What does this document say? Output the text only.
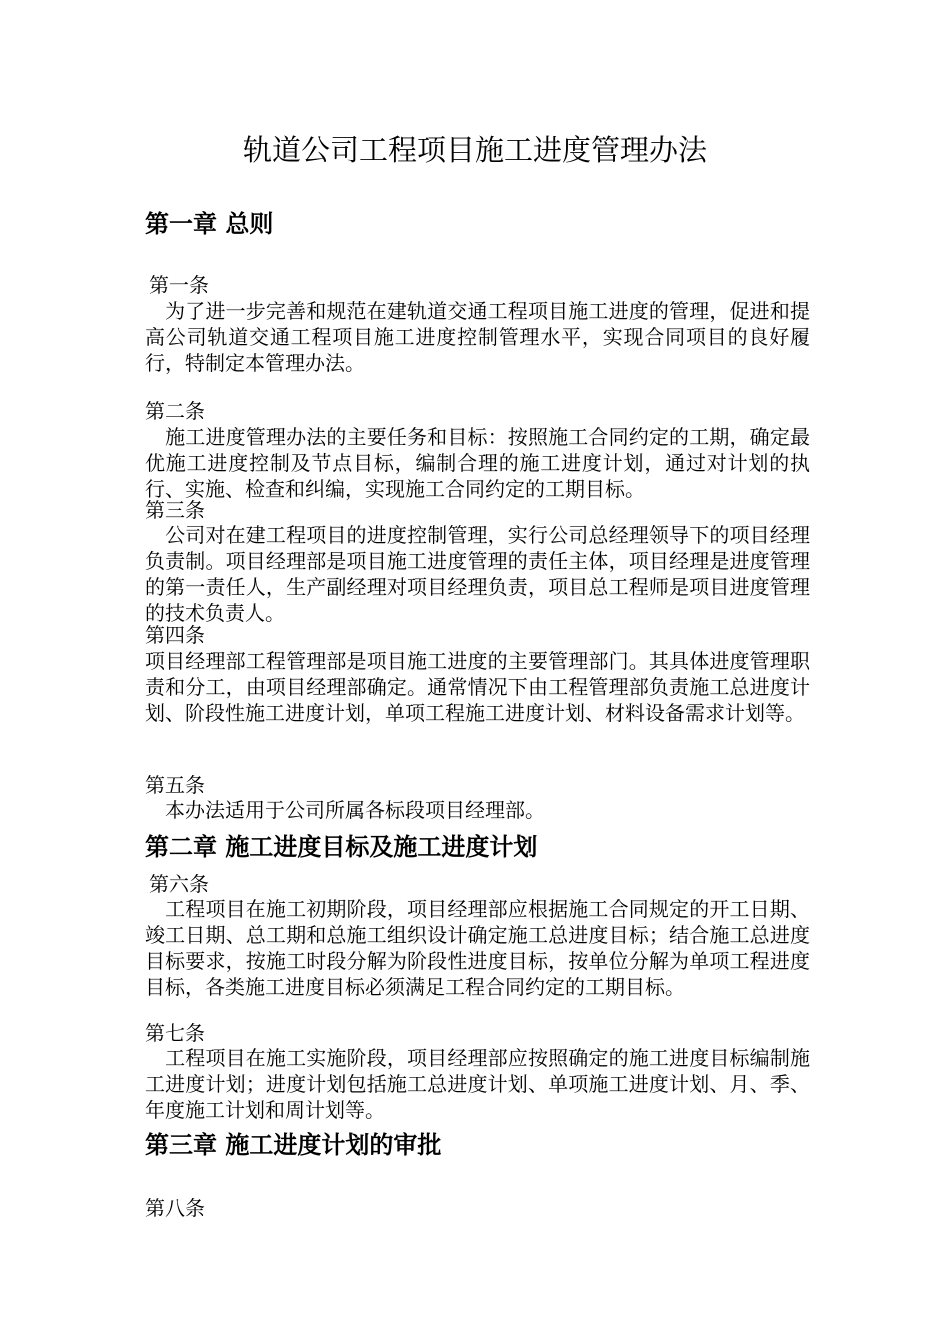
轨道公司工程项目施工进度管理办法
第一章 总则
第一条

　为了进一步完善和规范在建轨道交通工程项目施工进度的管理，促进和提高公司轨道交通工程项目施工进度控制管理水平，实现合同项目的良好履行，特制定本管理办法。

第二条

　施工进度管理办法的主要任务和目标：按照施工合同约定的工期，确定最优施工进度控制及节点目标，编制合理的施工进度计划，通过对计划的执行、实施、检查和纠编，实现施工合同约定的工期目标。

第三条

　公司对在建工程项目的进度控制管理，实行公司总经理领导下的项目经理负责制。项目经理部是项目施工进度管理的责任主体，项目经理是进度管理的第一责任人，生产副经理对项目经理负责，项目总工程师是项目进度管理的技术负责人。

第四条

项目经理部工程管理部是项目施工进度的主要管理部门。其具体进度管理职责和分工，由项目经理部确定。通常情况下由工程管理部负责施工总进度计划、阶段性施工进度计划，单项工程施工进度计划、材料设备需求计划等。

第五条

　本办法适用于公司所属各标段项目经理部。

第二章 施工进度目标及施工进度计划
第六条

　工程项目在施工初期阶段，项目经理部应根据施工合同规定的开工日期、竣工日期、总工期和总施工组织设计确定施工总进度目标；结合施工总进度目标要求，按施工时段分解为阶段性进度目标，按单位分解为单项工程进度目标，各类施工进度目标必须满足工程合同约定的工期目标。

第七条

　工程项目在施工实施阶段，项目经理部应按照确定的施工进度目标编制施工进度计划；进度计划包括施工总进度计划、单项施工进度计划、月、季、年度施工计划和周计划等。

第三章 施工进度计划的审批
第八条
